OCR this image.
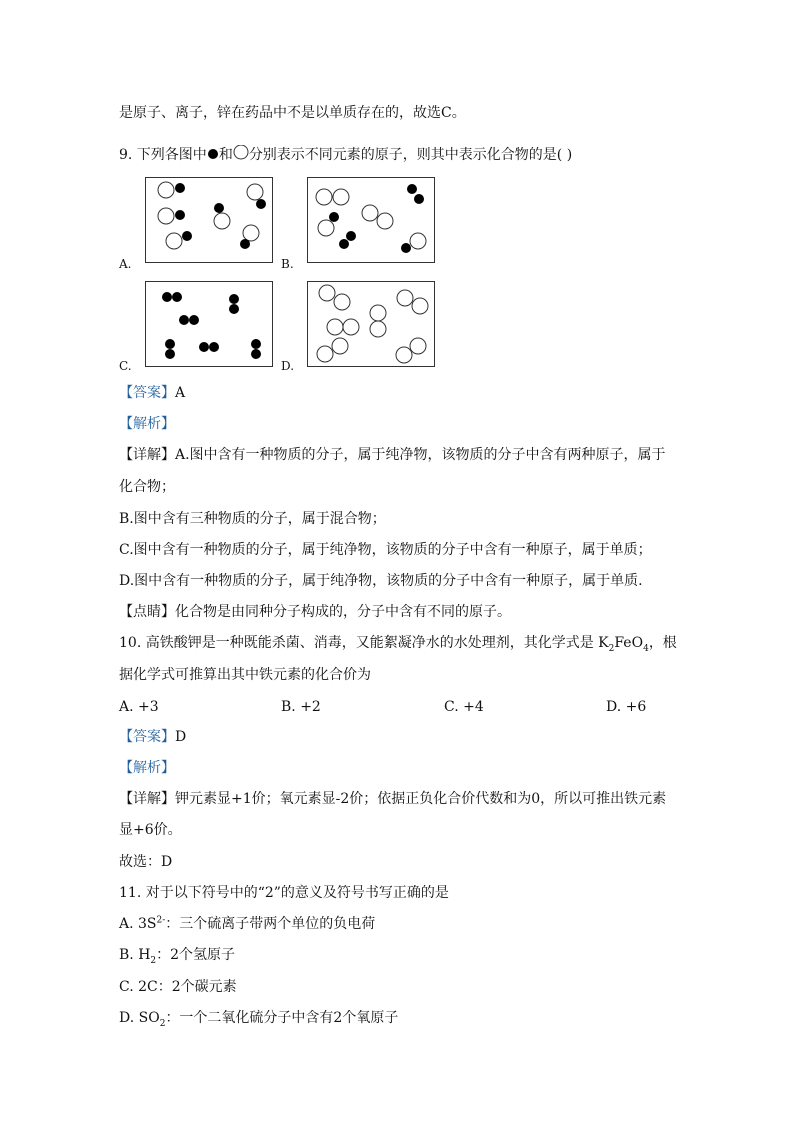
是原子、离子，锌在药品中不是以单质存在的，故选C。
9. 下列各图中 和 分别表示不同元素的原子，则其中表示化合物的是( )
A.	B.
C.	D.
【答案】A
【解析】
【详解】A.图中含有一种物质的分子，属于纯净物，该物质的分子中含有两种原子，属于
化合物；
B.图中含有三种物质的分子，属于混合物；
C.图中含有一种物质的分子，属于纯净物，该物质的分子中含有一种原子，属于单质；
D.图中含有一种物质的分子，属于纯净物，该物质的分子中含有一种原子，属于单质.
【点睛】化合物是由同种分子构成的，分子中含有不同的原子。
10. 高铁酸钾是一种既能杀菌、消毒，又能絮凝净水的水处理剂，其化学式是 $K_2FeO_4$，根
据化学式可推算出其中铁元素的化合价为
A. +3	B. +2	C. +4	D. +6
【答案】D
【解析】
【详解】钾元素显+1价；氧元素显-2价；依据正负化合价代数和为0，所以可推出铁元素
显+6价。
故选：D
11. 对于以下符号中的“2”的意义及符号书写正确的是
A. $3S^{2-}$：三个硫离子带两个单位的负电荷
B. $H_2$：2个氢原子
C. 2C：2个碳元素
D. $SO_2$：一个二氧化硫分子中含有2个氧原子
